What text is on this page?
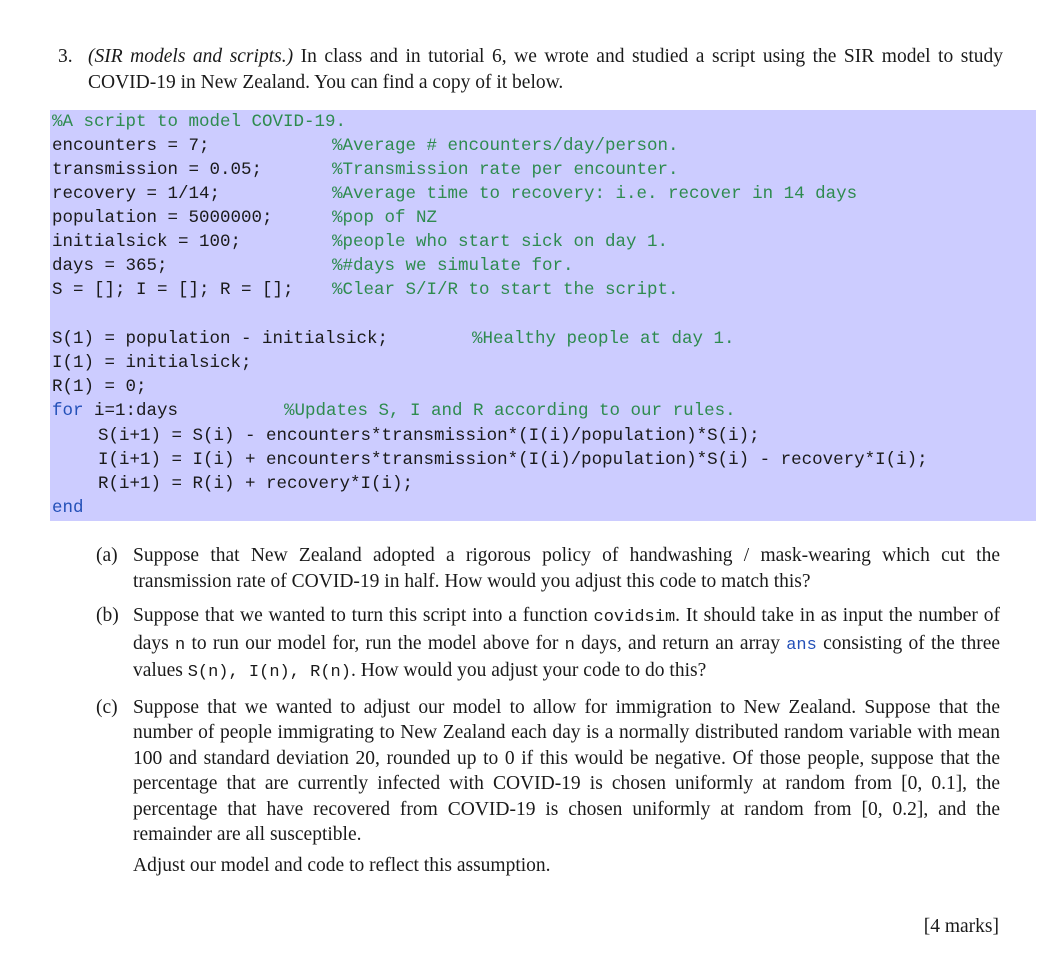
3. (SIR models and scripts.) In class and in tutorial 6, we wrote and studied a script using the SIR model to study COVID-19 in New Zealand. You can find a copy of it below.
%A script to model COVID-19.
encounters = 7;	%Average # encounters/day/person.
transmission = 0.05;	%Transmission rate per encounter.
recovery = 1/14;	%Average time to recovery: i.e. recover in 14 days
population = 5000000;	%pop of NZ
initialsick = 100;	%people who start sick on day 1.
days = 365;	%#days we simulate for.
S = []; I = []; R = []; %Clear S/I/R to start the script.
S(1) = population - initialsick;	%Healthy people at day 1.
I(1) = initialsick;
R(1) = 0;
for i=1:days	%Updates S, I and R according to our rules.
S(i+1) = S(i) - encounters*transmission*(I(i)/population)*S(i);
I(i+1) = I(i) + encounters*transmission*(I(i)/population)*S(i) - recovery*I(i);
R(i+1) = R(i) + recovery*I(i);
end
(a) Suppose that New Zealand adopted a rigorous policy of handwashing / mask-wearing which cut the transmission rate of COVID-19 in half. How would you adjust this code to match this?
(b) Suppose that we wanted to turn this script into a function covidsim. It should take in as input the number of days n to run our model for, run the model above for n days, and return an array ans consisting of the three values S(n), I(n), R(n). How would you adjust your code to do this?
(c) Suppose that we wanted to adjust our model to allow for immigration to New Zealand. Suppose that the number of people immigrating to New Zealand each day is a normally distributed random variable with mean 100 and standard deviation 20, rounded up to 0 if this would be negative. Of those people, suppose that the percentage that are currently infected with COVID-19 is chosen uniformly at random from [0, 0.1], the percentage that have recovered from COVID-19 is chosen uniformly at random from [0, 0.2], and the remainder are all susceptible.
Adjust our model and code to reflect this assumption.
[4 marks]
